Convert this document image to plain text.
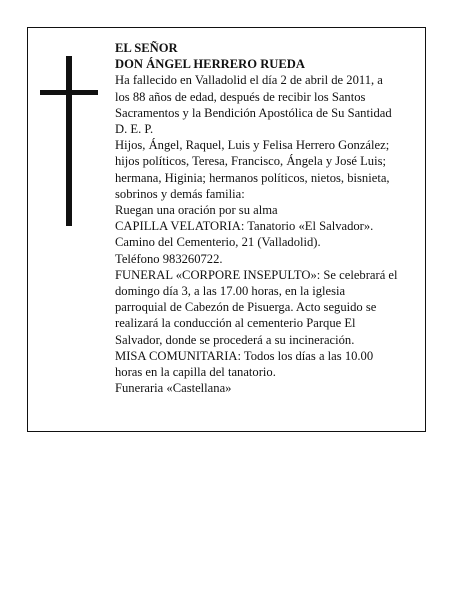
EL SEÑOR
DON ÁNGEL HERRERO RUEDA
Ha fallecido en Valladolid el día 2 de abril de 2011, a
los 88 años de edad, después de recibir los Santos
Sacramentos y la Bendición Apostólica de Su Santidad
D. E. P.
Hijos, Ángel, Raquel, Luis y Felisa Herrero González;
hijos políticos, Teresa, Francisco, Ángela y José Luis;
hermana, Higinia; hermanos políticos, nietos, bisnieta,
sobrinos y demás familia:
Ruegan una oración por su alma
CAPILLA VELATORIA: Tanatorio «El Salvador».
Camino del Cementerio, 21 (Valladolid).
Teléfono 983260722.
FUNERAL «CORPORE INSEPULTO»: Se celebrará el
domingo día 3, a las 17.00 horas, en la iglesia
parroquial de Cabezón de Pisuerga. Acto seguido se
realizará la conducción al cementerio Parque El
Salvador, donde se procederá a su incineración.
MISA COMUNITARIA: Todos los días a las 10.00
horas en la capilla del tanatorio.
Funeraria «Castellana»
